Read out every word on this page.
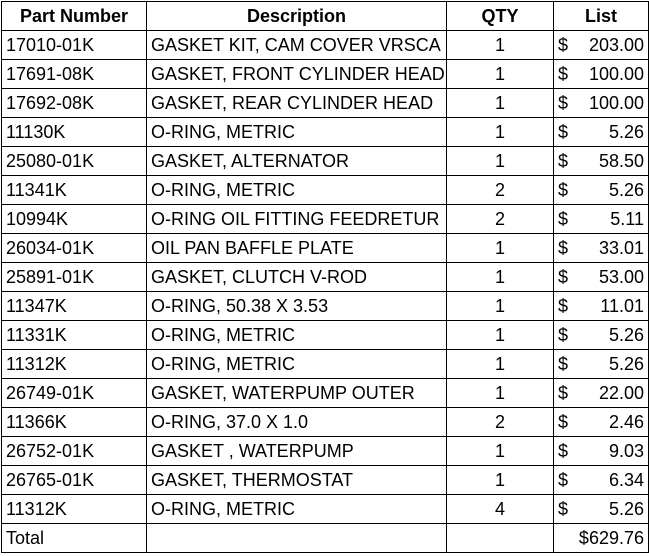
Part Number	Description	QTY	List
17010-01K	GASKET KIT, CAM COVER VRSCA	1	$ 203.00

17691-08K	GASKET, FRONT CYLINDER HEAD	1	$ 100.00

17692-08K	GASKET, REAR CYLINDER HEAD	1	$ 100.00

11130K	O-RING, METRIC	1	$ 5.26

25080-01K	GASKET, ALTERNATOR	1	$ 58.50

11341K	O-RING, METRIC	2	$ 5.26

10994K	O-RING OIL FITTING FEEDRETUR	2	$ 5.11

26034-01K	OIL PAN BAFFLE PLATE	1	$ 33.01

25891-01K	GASKET, CLUTCH V-ROD	1	$ 53.00

11347K	O-RING, 50.38 X 3.53	1	$ 11.01

11331K	O-RING, METRIC	1	$ 5.26

11312K	O-RING, METRIC	1	$ 5.26

26749-01K	GASKET, WATERPUMP OUTER	1	$ 22.00

11366K	O-RING, 37.0 X 1.0	2	$ 2.46

26752-01K	GASKET , WATERPUMP	1	$ 9.03

26765-01K	GASKET, THERMOSTAT	1	$ 6.34

11312K	O-RING, METRIC	4	$ 5.26

Total			$629.76
